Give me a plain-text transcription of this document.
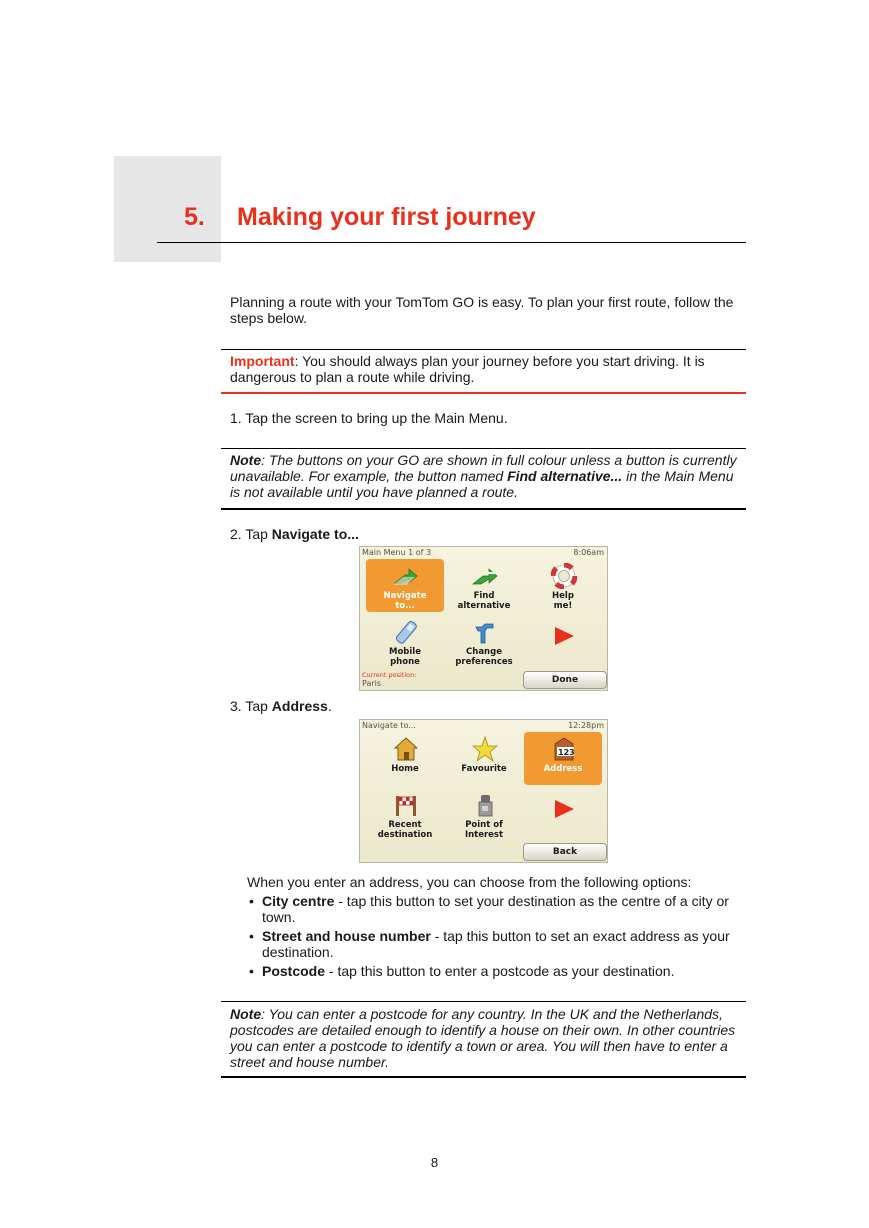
5. Making your first journey
Planning a route with your TomTom GO is easy. To plan your first route, follow the steps below.
Important: You should always plan your journey before you start driving. It is dangerous to plan a route while driving.
1. Tap the screen to bring up the Main Menu.
Note: The buttons on your GO are shown in full colour unless a button is currently unavailable. For example, the button named Find alternative... in the Main Menu is not available until you have planned a route.
2. Tap Navigate to...
Main Menu 1 of 3	8:06am
Navigate
to...
Find
alternative
Help
me!
Mobile
phone
Change
preferences
Current position:
Paris	Done
3. Tap Address.
Navigate to...	12:28pm
Home	Favourite
123
Address
Recent
destination
Point of
Interest
Back
When you enter an address, you can choose from the following options:
• City centre - tap this button to set your destination as the centre of a city or town.
• Street and house number - tap this button to set an exact address as your destination.
• Postcode - tap this button to enter a postcode as your destination.
Note: You can enter a postcode for any country. In the UK and the Netherlands, postcodes are detailed enough to identify a house on their own. In other countries you can enter a postcode to identify a town or area. You will then have to enter a street and house number.
8
